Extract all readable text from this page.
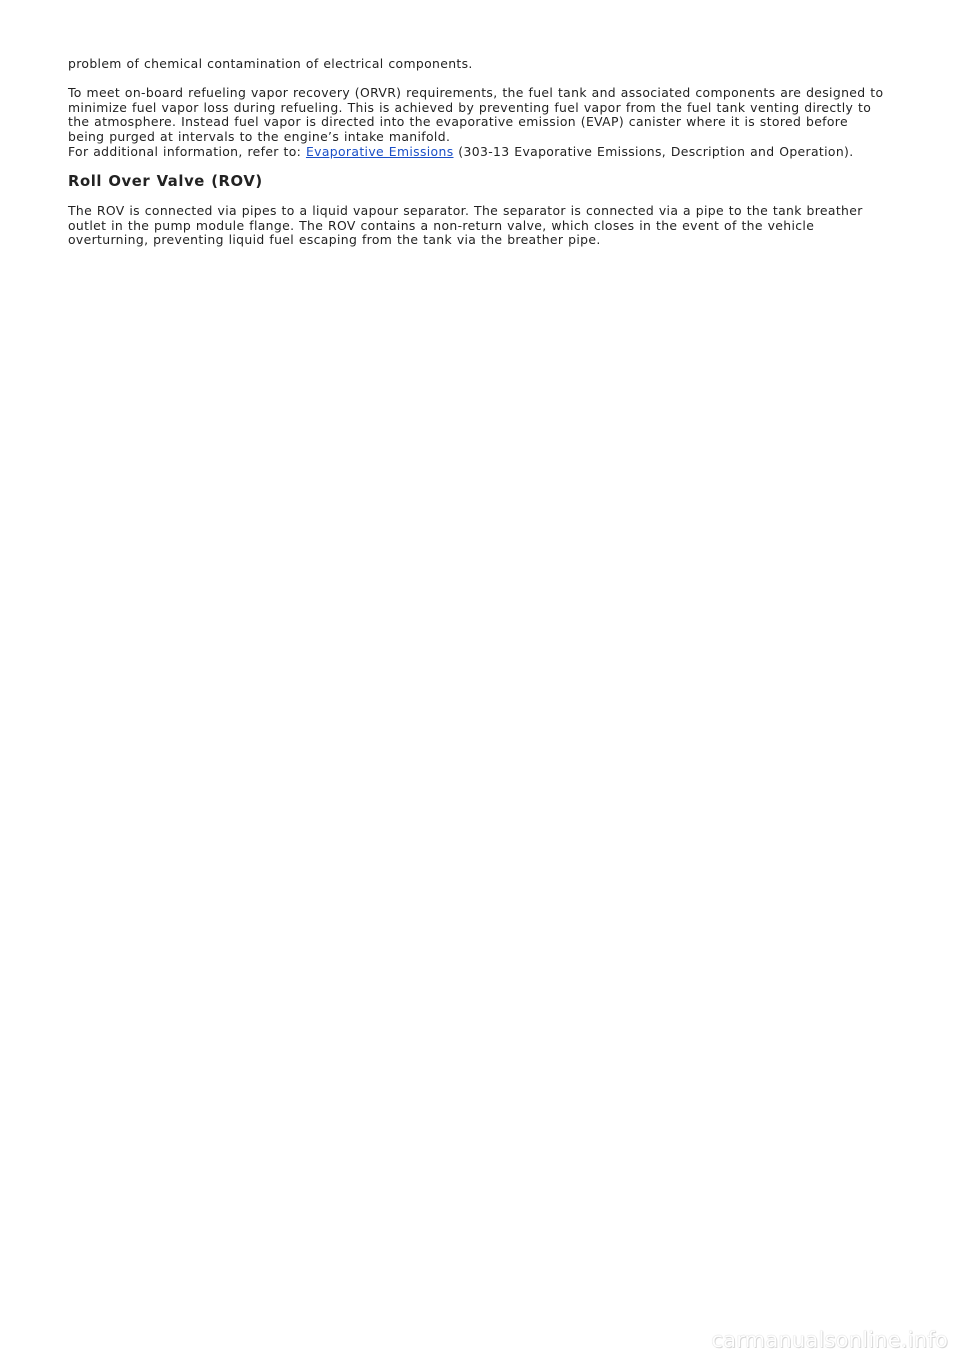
problem of chemical contamination of electrical components.

To meet on-board refueling vapor recovery (ORVR) requirements, the fuel tank and associated components are designed to
minimize fuel vapor loss during refueling. This is achieved by preventing fuel vapor from the fuel tank venting directly to
the atmosphere. Instead fuel vapor is directed into the evaporative emission (EVAP) canister where it is stored before
being purged at intervals to the engine’s intake manifold.
For additional information, refer to: Evaporative Emissions (303-13 Evaporative Emissions, Description and Operation).

Roll Over Valve (ROV)

The ROV is connected via pipes to a liquid vapour separator. The separator is connected via a pipe to the tank breather
outlet in the pump module flange. The ROV contains a non-return valve, which closes in the event of the vehicle
overturning, preventing liquid fuel escaping from the tank via the breather pipe.

carmanualsonline.info
